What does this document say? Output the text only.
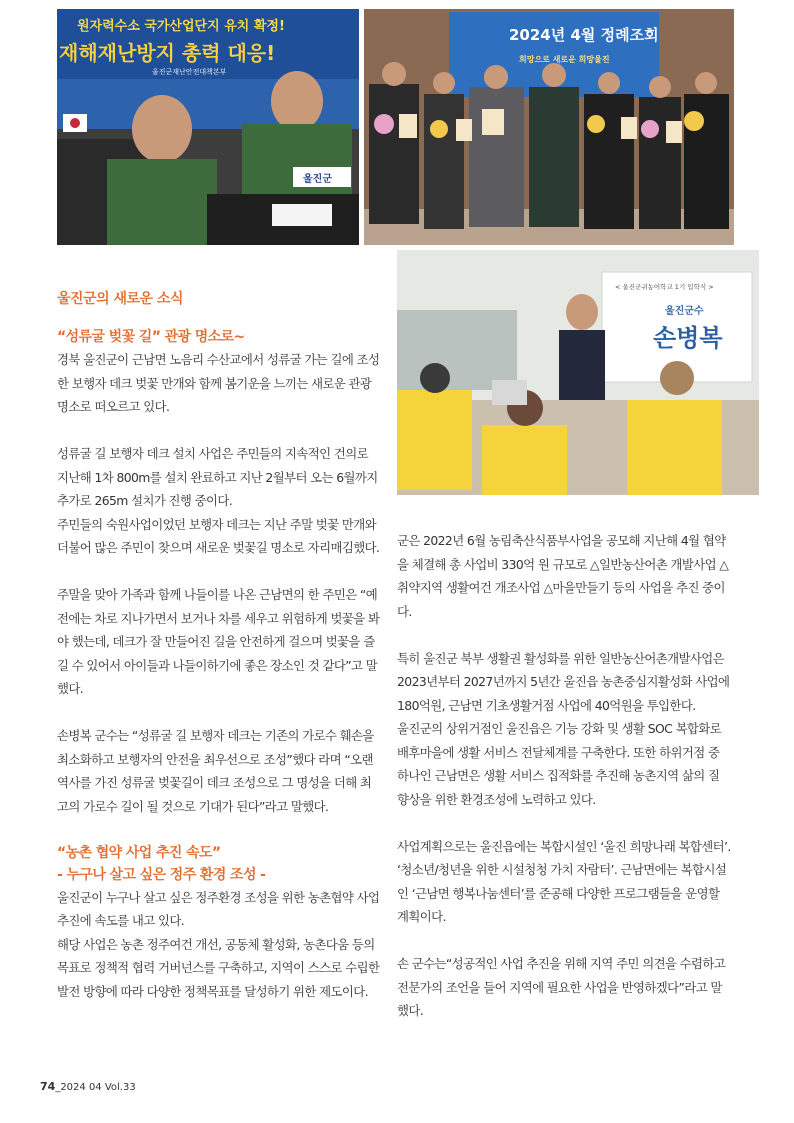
원자력수소 국가산업단지 유치 확정!
재해재난방지 총력 대응!
울진군재난안전대책본부
울진군
2024년 4월 정례조회
희망으로 새로운 희망울진
< 울진군귀농어학교 1기 입학식 >
울진군수
손병복
울진군의 새로운 소식
“성류굴 벚꽃 길” 관광 명소로~

경북 울진군이 근남면 노음리 수산교에서 성류굴 가는 길에 조성한 보행자 데크 벚꽃 만개와 함께 봄기운을 느끼는 새로운 관광 명소로 떠오르고 있다.

성류굴 길 보행자 데크 설치 사업은 주민들의 지속적인 건의로 지난해 1차 800m를 설치 완료하고 지난 2월부터 오는 6월까지 추가로 265m 설치가 진행 중이다.

주민들의 숙원사업이었던 보행자 데크는 지난 주말 벚꽃 만개와 더불어 많은 주민이 찾으며 새로운 벚꽃길 명소로 자리매김했다.

주말을 맞아 가족과 함께 나들이를 나온 근남면의 한 주민은 “예전에는 차로 지나가면서 보거나 차를 세우고 위험하게 벚꽃을 봐야 했는데, 데크가 잘 만들어진 길을 안전하게 걸으며 벚꽃을 즐길 수 있어서 아이들과 나들이하기에 좋은 장소인 것 같다”고 말했다.

손병복 군수는 “성류굴 길 보행자 데크는 기존의 가로수 훼손을 최소화하고 보행자의 안전을 최우선으로 조성”했다 라며 “오랜 역사를 가진 성류굴 벚꽃길이 데크 조성으로 그 명성을 더해 최고의 가로수 길이 될 것으로 기대가 된다”라고 말했다.

“농촌 협약 사업 추진 속도”
- 누구나 살고 싶은 정주 환경 조성 -

울진군이 누구나 살고 싶은 정주환경 조성을 위한 농촌협약 사업 추진에 속도를 내고 있다.

해당 사업은 농촌 정주여건 개선, 공동체 활성화, 농촌다움 등의 목표로 정책적 협력 거버넌스를 구축하고, 지역이 스스로 수립한 발전 방향에 따라 다양한 정책목표를 달성하기 위한 제도이다.

군은 2022년 6월 농림축산식품부사업을 공모해 지난해 4월 협약을 체결해 총 사업비 330억 원 규모로 △일반농산어촌 개발사업 △취약지역 생활여건 개조사업 △마을만들기 등의 사업을 추진 중이다.

특히 울진군 북부 생활권 활성화를 위한 일반농산어촌개발사업은 2023년부터 2027년까지 5년간 울진읍 농촌중심지활성화 사업에 180억원, 근남면 기초생활거점 사업에 40억원을 투입한다.

울진군의 상위거점인 울진읍은 기능 강화 및 생활 SOC 복합화로 배후마을에 생활 서비스 전달체계를 구축한다. 또한 하위거점 중 하나인 근남면은 생활 서비스 집적화를 추진해 농촌지역 삶의 질 향상을 위한 환경조성에 노력하고 있다.

사업계획으로는 울진읍에는 복합시설인 ‘울진 희망나래 복합센터’. ‘청소년/청년을 위한 시설청청 가치 자람터’. 근남면에는 복합시설인 ‘근남면 행복나눔센터’를 준공해 다양한 프로그램들을 운영할 계획이다.

손 군수는“성공적인 사업 추진을 위해 지역 주민 의견을 수렴하고 전문가의 조언을 들어 지역에 필요한 사업을 반영하겠다”라고 말했다.

74_2024 04 Vol.33
